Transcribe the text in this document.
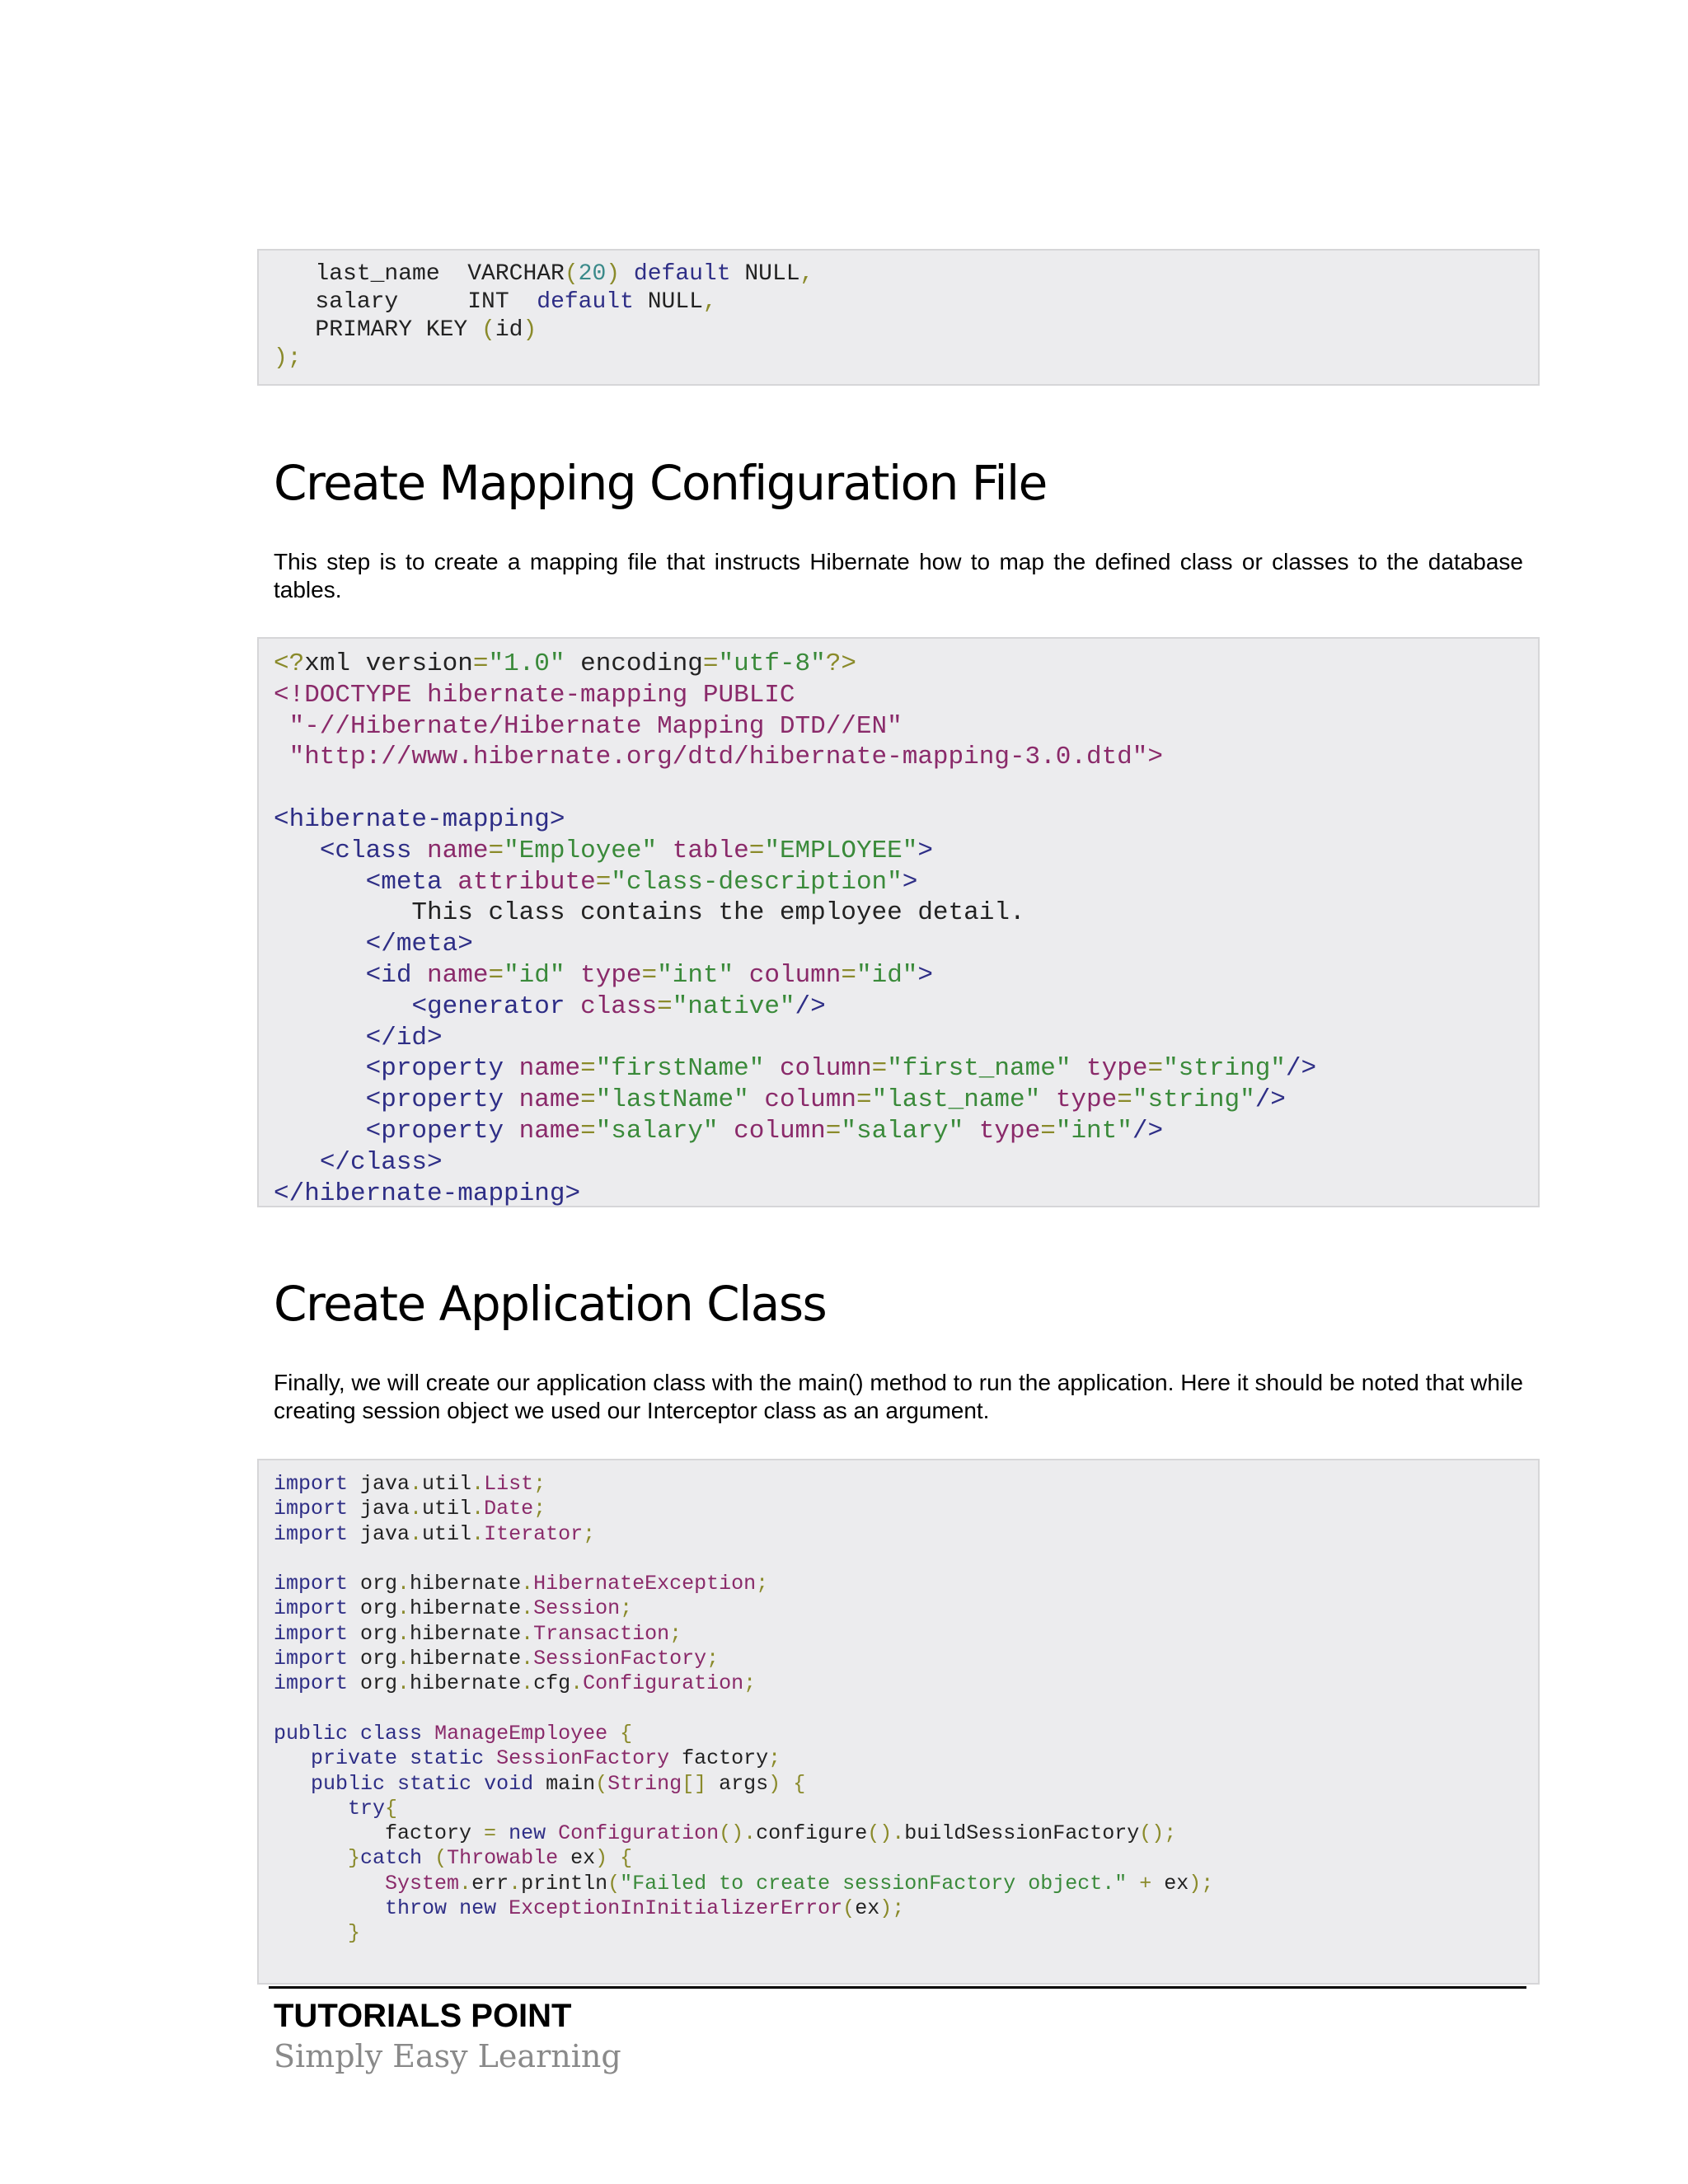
last_name  VARCHAR(20) default NULL,
salary     INT  default NULL,
PRIMARY KEY (id)
);
Create Mapping Configuration File

This step is to create a mapping file that instructs Hibernate how to map the defined class or classes to the database tables.

<?xml version="1.0" encoding="utf-8"?>
<!DOCTYPE hibernate-mapping PUBLIC
"-//Hibernate/Hibernate Mapping DTD//EN"
"http://www.hibernate.org/dtd/hibernate-mapping-3.0.dtd">
<hibernate-mapping>
<class name="Employee" table="EMPLOYEE">
<meta attribute="class-description">
This class contains the employee detail.
</meta>
<id name="id" type="int" column="id">
<generator class="native"/>
</id>
<property name="firstName" column="first_name" type="string"/>
<property name="lastName" column="last_name" type="string"/>
<property name="salary" column="salary" type="int"/>
</class>
</hibernate-mapping>
Create Application Class

Finally, we will create our application class with the main() method to run the application. Here it should be noted that while creating session object we used our Interceptor class as an argument.

import java.util.List;
import java.util.Date;
import java.util.Iterator;
import org.hibernate.HibernateException;
import org.hibernate.Session;
import org.hibernate.Transaction;
import org.hibernate.SessionFactory;
import org.hibernate.cfg.Configuration;
public class ManageEmployee {
private static SessionFactory factory;
public static void main(String[] args) {
try{
factory = new Configuration().configure().buildSessionFactory();
}catch (Throwable ex) {
System.err.println("Failed to create sessionFactory object." + ex);
throw new ExceptionInInitializerError(ex);
}
TUTORIALS POINT
Simply Easy Learning
